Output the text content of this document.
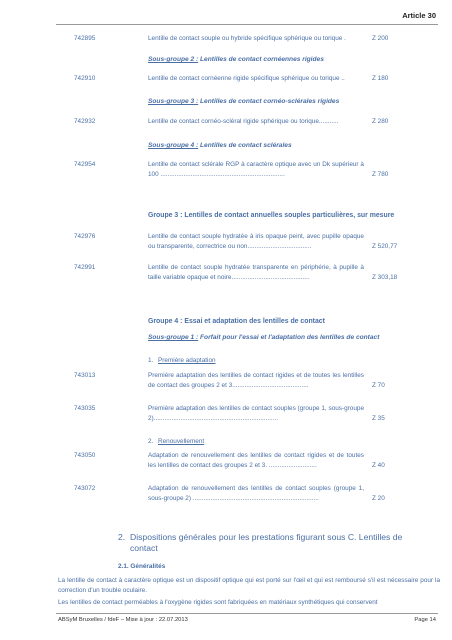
Article 30
742895	Lentille de contact souple ou hybride spécifique sphérique ou torique .	Z 200
Sous-groupe 2 : Lentilles de contact cornéennes rigides
742910	Lentille de contact cornéenne rigide spécifique sphérique ou torique ..	Z 180
Sous-groupe 3 : Lentilles de contact cornéo-sclérales rigides
742932	Lentille de contact cornéo-scléral rigide sphérique ou torique...........	Z 280
Sous-groupe 4 : Lentilles de contact sclérales
742954	Lentille de contact sclérale RGP à caractère optique avec un Dk supérieur à 100 ......................................................................	Z 780
Groupe 3 : Lentilles de contact annuelles souples particulières, sur mesure
742976	Lentille de contact souple hydratée à iris opaque peint, avec pupille opaque ou transparente, correctrice ou non....................................	Z 520,77
742991	Lentille de contact souple hydratée transparente en périphérie, à pupille à taille variable opaque et noire............................................	Z 303,18
Groupe 4 : Essai et adaptation des lentilles de contact
Sous-groupe 1 : Forfait pour l'essai et l'adaptation des lentilles de contact
1. Première adaptation
743013	Première adaptation des lentilles de contact rigides et de toutes les lentilles de contact des groupes 2 et 3...........................................	Z 70
743035	Première adaptation des lentilles de contact souples (groupe 1, sous-groupe 2)......................................................................	Z 35
2. Renouvellement
743050	Adaptation de renouvellement des lentilles de contact rigides et de toutes les lentilles de contact des groupes 2 et 3. ...........................	Z 40
743072	Adaptation de renouvellement des lentilles de contact souples (groupe 1, sous-groupe 2) .......................................................................	Z 20
2. Dispositions générales pour les prestations figurant sous C. Lentilles de contact
2.1. Généralités
La lentille de contact à caractère optique est un dispositif optique qui est porté sur l'œil et qui est remboursé s'il est nécessaire pour la correction d'un trouble oculaire.
Les lentilles de contact perméables à l'oxygène rigides sont fabriquées en matériaux synthétiques qui conservent
ABSyM Bruxelles / fdeF – Mise à jour : 22.07.2013	Page 14
